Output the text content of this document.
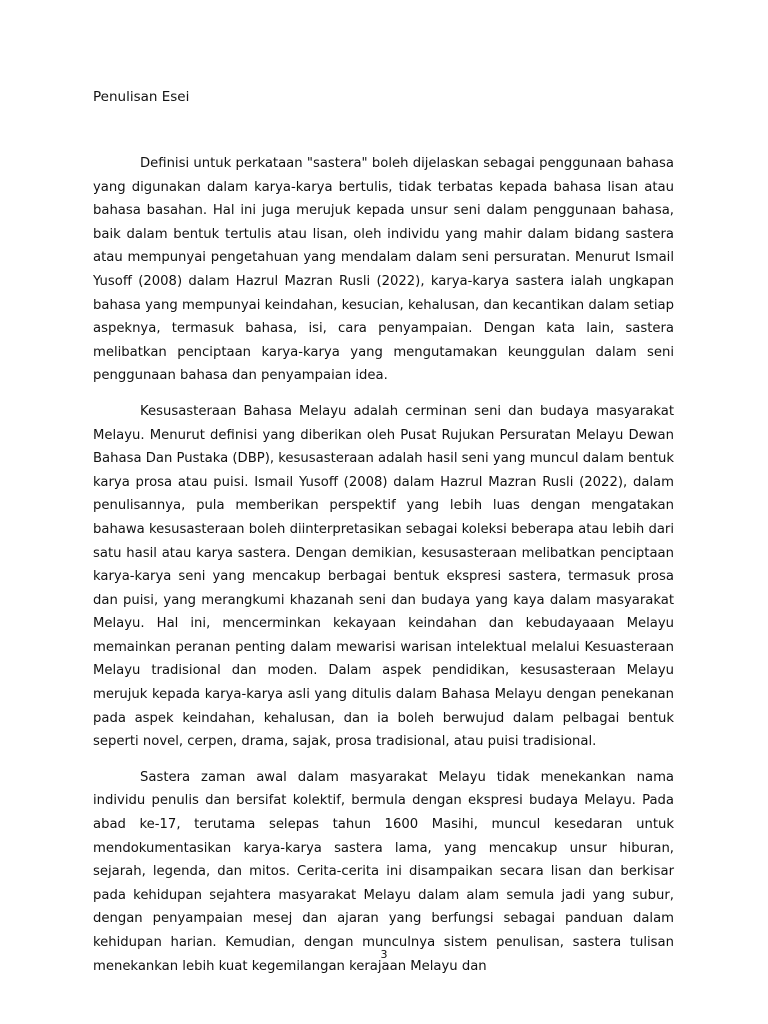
Penulisan Esei

Definisi untuk perkataan "sastera" boleh dijelaskan sebagai penggunaan bahasa yang digunakan dalam karya-karya bertulis, tidak terbatas kepada bahasa lisan atau bahasa basahan. Hal ini juga merujuk kepada unsur seni dalam penggunaan bahasa, baik dalam bentuk tertulis atau lisan, oleh individu yang mahir dalam bidang sastera atau mempunyai pengetahuan yang mendalam dalam seni persuratan. Menurut Ismail Yusoff (2008) dalam Hazrul Mazran Rusli (2022), karya-karya sastera ialah ungkapan bahasa yang mempunyai keindahan, kesucian, kehalusan, dan kecantikan dalam setiap aspeknya, termasuk bahasa, isi, cara penyampaian. Dengan kata lain, sastera melibatkan penciptaan karya-karya yang mengutamakan keunggulan dalam seni penggunaan bahasa dan penyampaian idea.

Kesusasteraan Bahasa Melayu adalah cerminan seni dan budaya masyarakat Melayu. Menurut definisi yang diberikan oleh Pusat Rujukan Persuratan Melayu Dewan Bahasa Dan Pustaka (DBP), kesusasteraan adalah hasil seni yang muncul dalam bentuk karya prosa atau puisi. Ismail Yusoff (2008) dalam Hazrul Mazran Rusli (2022), dalam penulisannya, pula memberikan perspektif yang lebih luas dengan mengatakan bahawa kesusasteraan boleh diinterpretasikan sebagai koleksi beberapa atau lebih dari satu hasil atau karya sastera. Dengan demikian, kesusasteraan melibatkan penciptaan karya-karya seni yang mencakup berbagai bentuk ekspresi sastera, termasuk prosa dan puisi, yang merangkumi khazanah seni dan budaya yang kaya dalam masyarakat Melayu. Hal ini, mencerminkan kekayaan keindahan dan kebudayaaan Melayu memainkan peranan penting dalam mewarisi warisan intelektual melalui Kesuasteraan Melayu tradisional dan moden. Dalam aspek pendidikan, kesusasteraan Melayu merujuk kepada karya-karya asli yang ditulis dalam Bahasa Melayu dengan penekanan pada aspek keindahan, kehalusan, dan ia boleh berwujud dalam pelbagai bentuk seperti novel, cerpen, drama, sajak, prosa tradisional, atau puisi tradisional.

Sastera zaman awal dalam masyarakat Melayu tidak menekankan nama individu penulis dan bersifat kolektif, bermula dengan ekspresi budaya Melayu. Pada abad ke-17, terutama selepas tahun 1600 Masihi, muncul kesedaran untuk mendokumentasikan karya-karya sastera lama, yang mencakup unsur hiburan, sejarah, legenda, dan mitos. Cerita-cerita ini disampaikan secara lisan dan berkisar pada kehidupan sejahtera masyarakat Melayu dalam alam semula jadi yang subur, dengan penyampaian mesej dan ajaran yang berfungsi sebagai panduan dalam kehidupan harian. Kemudian, dengan munculnya sistem penulisan, sastera tulisan menekankan lebih kuat kegemilangan kerajaan Melayu dan

3
